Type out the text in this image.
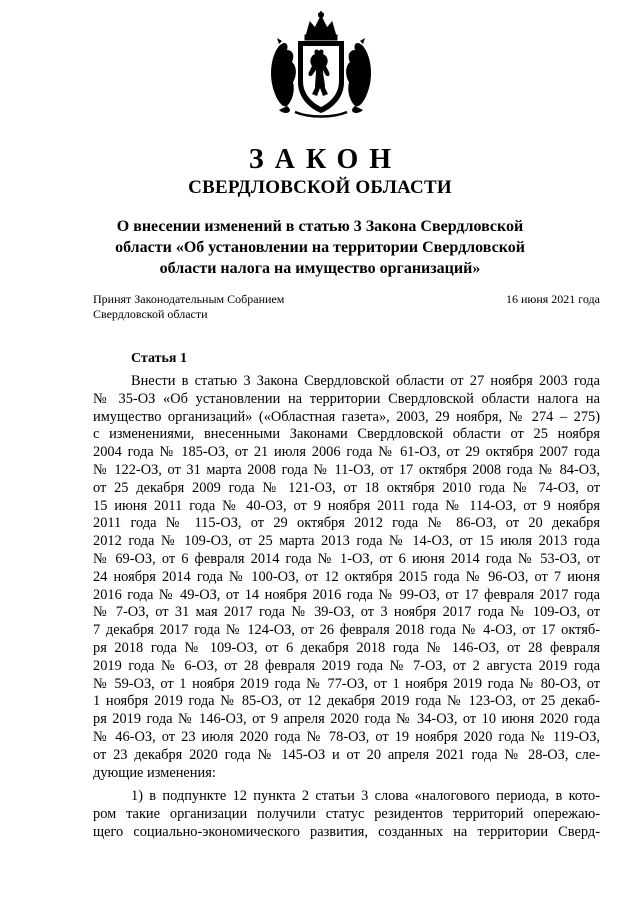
ЗАКОН
СВЕРДЛОВСКОЙ ОБЛАСТИ
О внесении изменений в статью 3 Закона Свердловской
области «Об установлении на территории Свердловской
области налога на имущество организаций»
Принят Законодательным Собранием
Свердловской области
16 июня 2021 года
Статья 1
Внести в статью 3 Закона Свердловской области от 27 ноября 2003 года
№ 35-ОЗ «Об установлении на территории Свердловской области налога на
имущество организаций» («Областная газета», 2003, 29 ноября, № 274 – 275)
с изменениями, внесенными Законами Свердловской области от 25 ноября
2004 года № 185-ОЗ, от 21 июля 2006 года № 61-ОЗ, от 29 октября 2007 года
№ 122-ОЗ, от 31 марта 2008 года № 11-ОЗ, от 17 октября 2008 года № 84-ОЗ,
от 25 декабря 2009 года № 121-ОЗ, от 18 октября 2010 года № 74-ОЗ, от
15 июня 2011 года № 40-ОЗ, от 9 ноября 2011 года № 114-ОЗ, от 9 ноября
2011 года № 115-ОЗ, от 29 октября 2012 года № 86-ОЗ, от 20 декабря
2012 года № 109-ОЗ, от 25 марта 2013 года № 14-ОЗ, от 15 июля 2013 года
№ 69-ОЗ, от 6 февраля 2014 года № 1-ОЗ, от 6 июня 2014 года № 53-ОЗ, от
24 ноября 2014 года № 100-ОЗ, от 12 октября 2015 года № 96-ОЗ, от 7 июня
2016 года № 49-ОЗ, от 14 ноября 2016 года № 99-ОЗ, от 17 февраля 2017 года
№ 7-ОЗ, от 31 мая 2017 года № 39-ОЗ, от 3 ноября 2017 года № 109-ОЗ, от
7 декабря 2017 года № 124-ОЗ, от 26 февраля 2018 года № 4-ОЗ, от 17 октяб-
ря 2018 года № 109-ОЗ, от 6 декабря 2018 года № 146-ОЗ, от 28 февраля
2019 года № 6-ОЗ, от 28 февраля 2019 года № 7-ОЗ, от 2 августа 2019 года
№ 59-ОЗ, от 1 ноября 2019 года № 77-ОЗ, от 1 ноября 2019 года № 80-ОЗ, от
1 ноября 2019 года № 85-ОЗ, от 12 декабря 2019 года № 123-ОЗ, от 25 декаб-
ря 2019 года № 146-ОЗ, от 9 апреля 2020 года № 34-ОЗ, от 10 июня 2020 года
№ 46-ОЗ, от 23 июля 2020 года № 78-ОЗ, от 19 ноября 2020 года № 119-ОЗ,
от 23 декабря 2020 года № 145-ОЗ и от 20 апреля 2021 года № 28-ОЗ, сле-
дующие изменения:
1) в подпункте 12 пункта 2 статьи 3 слова «налогового периода, в кото-
ром такие организации получили статус резидентов территорий опережаю-
щего социально-экономического развития, созданных на территории Сверд-
